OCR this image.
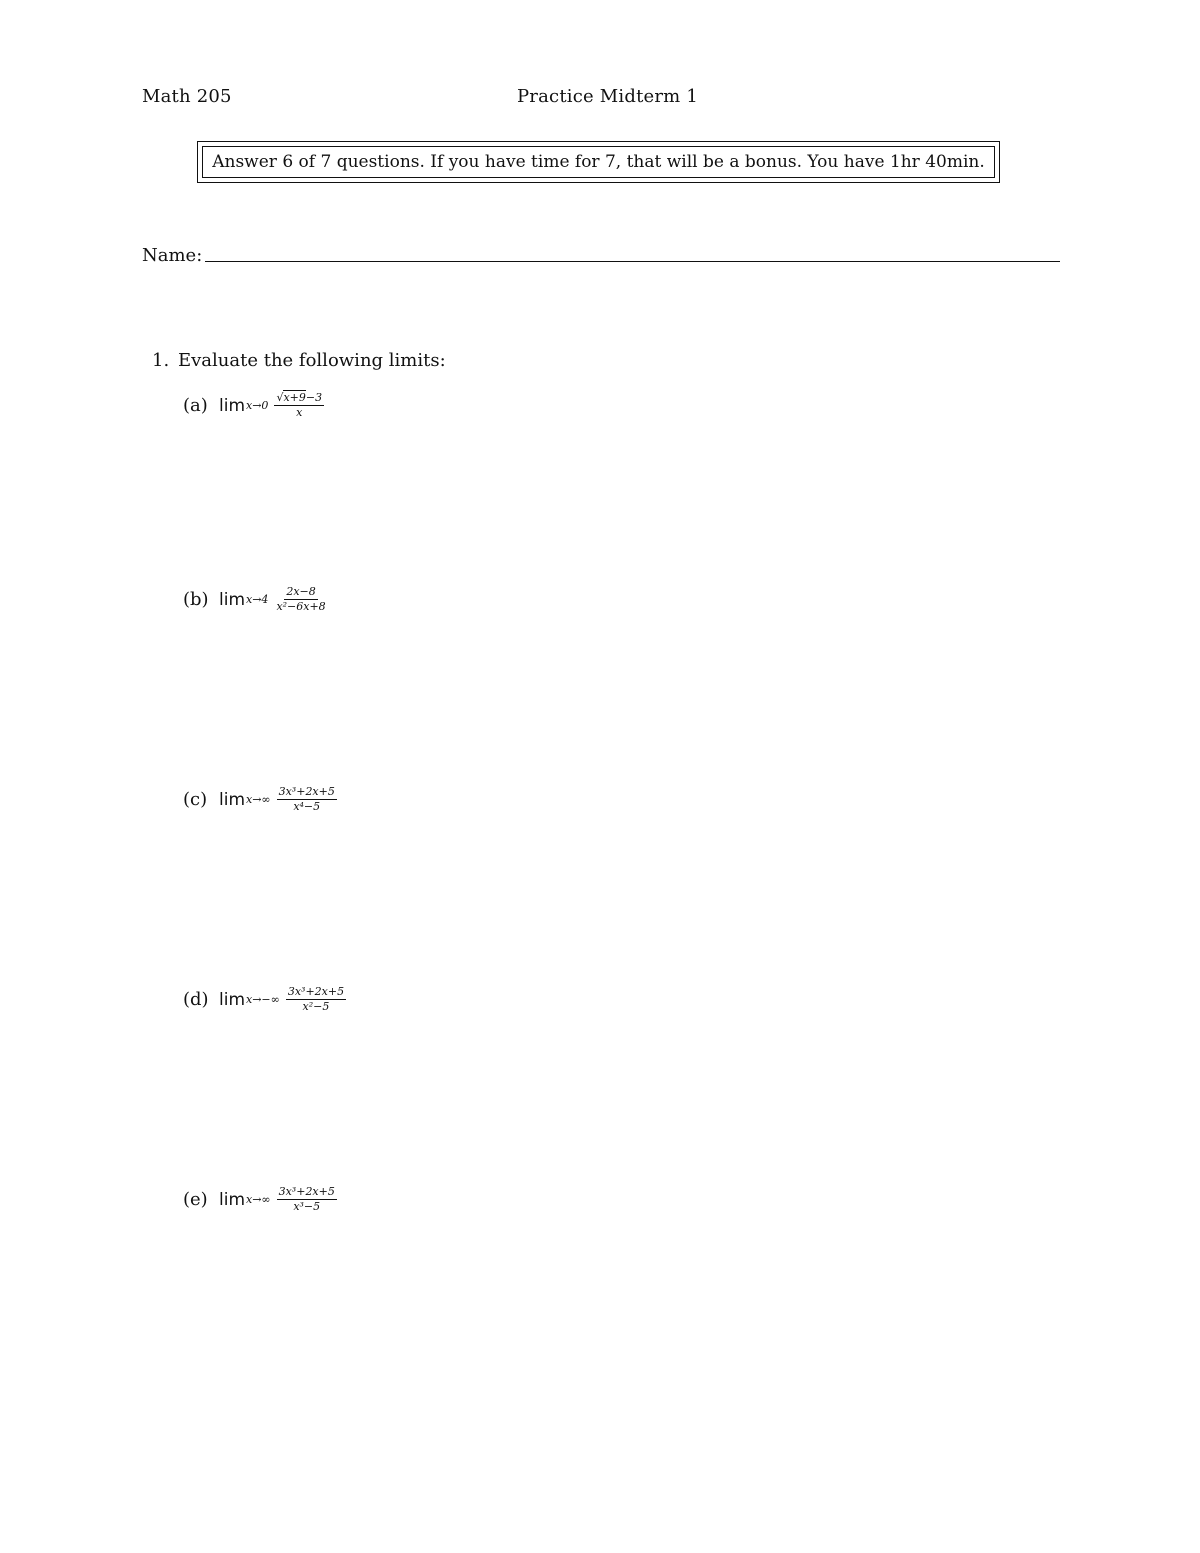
Math 205	Practice Midterm 1
Answer 6 of 7 questions. If you have time for 7, that will be a bonus. You have 1hr 40min.
Name:
1. Evaluate the following limits:
(a) $\lim x\to 0 \frac{√x+9-3}{x}$
(b) $\lim x\to 4 \frac{2x-8}{\text{x²−6x+8}}$
(c) $\lim x\to\infty \frac{\text{3x³+2x+5}}{\text{x⁴−5}}$
(d) $\lim x\to-\infty \frac{\text{3x³+2x+5}}{\text{x²−5}}$
(e) $\lim x\to\infty \frac{\text{3x³+2x+5}}{\text{x³−5}}$
